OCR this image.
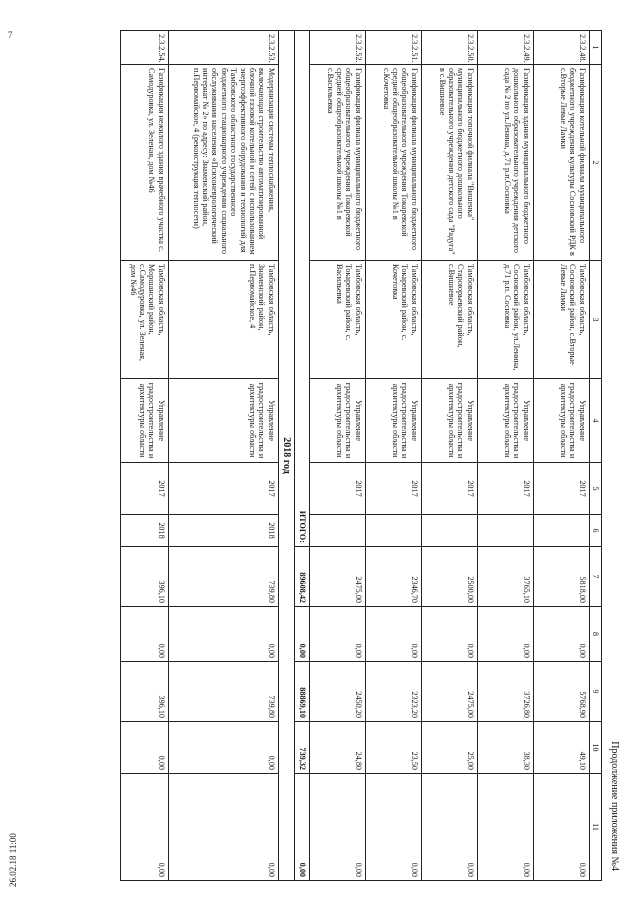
7
26.02.18 11:00	Продолжение приложения №4
1	2	3	4	5	6	7	8	9	10	11
2.3.2.48.	Газификация котельной филиала муниципального бюджетного учреждения культуры Сосновский РДК в с.Вторые Левые Ламки	Тамбовская область, Сосновский район, с.Вторые Левые Ламки	Управление градостроительства и архитектуры области	2017		5818,00	0,00	5768,90	49,10	0,00
2.3.2.49.	Газификация здания муниципального бюджетного дошкольного образовательного учреждения детского сада № 2 по ул.Ленина, д.71 р.п.Сосновка	Тамбовская область, Сосновский район, ул.Ленина, д.71 р.п. Сосновка	Управление градостроительства и архитектуры области	2017		3765,10	0,00	3726,80	38,30	0,00
2.3.2.50.	Газификация топочной филиала "Вишенка" муниципального бюджетного дошкольного образовательного учреждения детского сада "Радуга" в с.Вишневое	Тамбовская область, Староюрьевский район, с.Вишневое	Управление градостроительства и архитектуры области	2017		2500,00	0,00	2475,00	25,00	0,00
2.3.2.51.	Газификация филиала муниципального бюджетного общеобразовательного учреждения Токаревской средней общеобразовательной школы №1 в с.Кочетовка	Тамбовская область, Токаревский район, с. Кочетовка	Управление градостроительства и архитектуры области	2017		2346,70	0,00	2323,20	23,50	0,00
2.3.2.52.	Газификация филиала муниципального бюджетного общеобразовательного учреждения Токаревской средней общеобразовательной школы №1 в с.Васильевка	Тамбовская область, Токаревский район, с. Васильевка	Управление градостроительства и архитектуры области	2017		2475,00	0,00	2450,20	24,80	0,00
ИТОГО:						89608,42	0,00	88869,10	739,32	0,00
2018 год										
2.3.2.53.	Модернизация системы теплоснабжения, включающая строительство автоматизированной блочной газовой котельной и сетей с использованием энергоэффективного оборудования и технологий для Тамбовского областного государственного бюджетного стационарного учреждения социального обслуживания населения «Психоневрологический интернат № 2» по адресу: Знаменский район, п.Первомайское, 4 (реконструкция теплосети)	Тамбовская область, Знаменский район, п.Первомайское, 4	Управление градостроительства и архитектуры области	2017	2018	739,80	0,00	739,80	0,00	0,00
2.3.2.54.	Газификация нежилого здания врачебного участка с. Самодуровка, ул. Зеленая, дом №46	Тамбовская область, Моршанский район, с.Самодуровка, ул. Зеленая, дом №46	Управление градостроительства и архитектуры области	2017	2018	396,10	0,00	396,10	0,00	0,00
